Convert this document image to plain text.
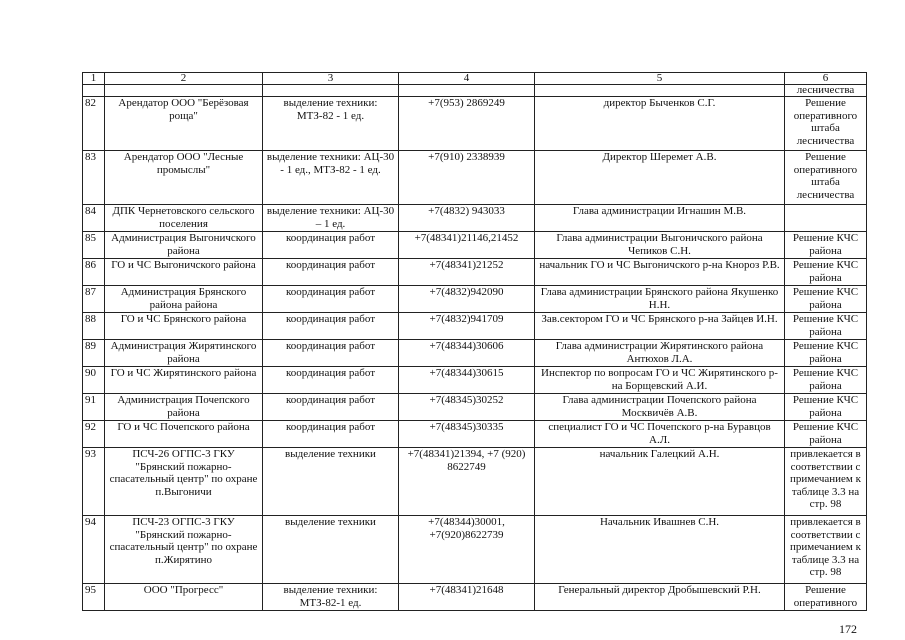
1	2	3	4	5	6
					лесничества
82	Арендатор ООО "Берёзовая роща"	выделение техники: МТЗ-82 - 1 ед.	+7(953) 2869249	директор Быченков С.Г.	Решение оперативного штаба лесничества
83	Арендатор ООО "Лесные промыслы"	выделение техники: АЦ-30 - 1 ед., МТЗ-82 - 1 ед.	+7(910) 2338939	Директор Шеремет А.В.	Решение оперативного штаба лесничества
84	ДПК Чернетовского сельского поселения	выделение техники: АЦ-30 – 1 ед.	+7(4832) 943033	Глава администрации Игнашин М.В.	
85	Администрация Выгоничского района	координация работ	+7(48341)21146,21452	Глава администрации Выгоничского района Чепиков С.Н.	Решение КЧС района
86	ГО и ЧС Выгоничского района	координация работ	+7(48341)21252	начальник ГО и ЧС Выгоничского р-на Кнороз Р.В.	Решение КЧС района
87	Администрация Брянского района района	координация работ	+7(4832)942090	Глава администрации Брянского района Якушенко Н.Н.	Решение КЧС района
88	ГО и ЧС Брянского района	координация работ	+7(4832)941709	Зав.сектором ГО и ЧС Брянского р-на Зайцев И.Н.	Решение КЧС района
89	Администрация Жирятинского района	координация работ	+7(48344)30606	Глава администрации Жирятинского района Антюхов Л.А.	Решение КЧС района
90	ГО и ЧС Жирятинского района	координация работ	+7(48344)30615	Инспектор по вопросам ГО и ЧС Жирятинского р-на Борщевский А.И.	Решение КЧС района
91	Администрация Почепского района	координация работ	+7(48345)30252	Глава администрации Почепского района Москвичёв А.В.	Решение КЧС района
92	ГО и ЧС Почепского района	координация работ	+7(48345)30335	специалист ГО и ЧС Почепского р-на Буравцов А.Л.	Решение КЧС района
93	ПСЧ-26 ОГПС-3 ГКУ "Брянский пожарно-спасательный центр" по охране п.Выгоничи	выделение техники	+7(48341)21394, +7 (920) 8622749	начальник Галецкий А.Н.	привлекается в соответствии с примечанием к таблице 3.3 на стр. 98
94	ПСЧ-23 ОГПС-3 ГКУ "Брянский пожарно-спасательный центр" по охране п.Жирятино	выделение техники	+7(48344)30001, +7(920)8622739	Начальник Ивашнев С.Н.	привлекается в соответствии с примечанием к таблице 3.3 на стр. 98
95	ООО "Прогресс"	выделение техники: МТЗ-82-1 ед.	+7(48341)21648	Генеральный директор Дробышевский Р.Н.	Решение оперативного
172
